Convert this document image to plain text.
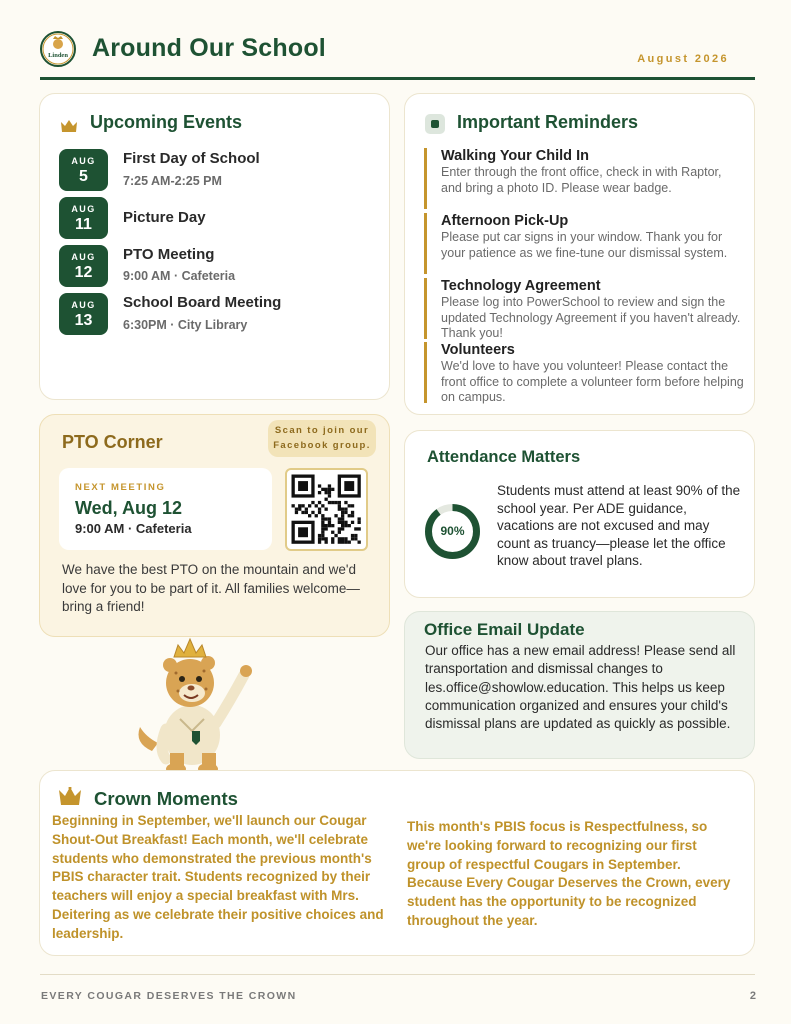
Linden Around Our School	August 2026
Upcoming Events
AUG
5
First Day of School
7:25 AM-2:25 PM
AUG
11	Picture Day
AUG
12
PTO Meeting
9:00 AM · Cafeteria
AUG
13
School Board Meeting
6:30PM · City Library
Important Reminders
Walking Your Child In
Enter through the front office, check in with Raptor, and bring a photo ID. Please wear badge.
Afternoon Pick-Up
Please put car signs in your window. Thank you for your patience as we fine-tune our dismissal system.
Technology Agreement
Please log into PowerSchool to review and sign the updated Technology Agreement if you haven't already. Thank you!
Volunteers
We'd love to have you volunteer! Please contact the front office to complete a volunteer form before helping on campus.
PTO Corner
Scan to join our
Facebook group.
NEXT MEETING
Wed, Aug 12
9:00 AM · Cafeteria
We have the best PTO on the mountain and we'd love for you to be part of it. All families welcome—bring a friend!
Attendance Matters
90%
Students must attend at least 90% of the school year. Per ADE guidance, vacations are not excused and may count as truancy—please let the office know about travel plans.
Office Email Update
Our office has a new email address! Please send all transportation and dismissal changes to les.office@showlow.education. This helps us keep communication organized and ensures your child's dismissal plans are updated as quickly as possible.
Crown Moments
Beginning in September, we'll launch our Cougar Shout-Out Breakfast! Each month, we'll celebrate students who demonstrated the previous month's PBIS character trait. Students recognized by their teachers will enjoy a special breakfast with Mrs. Deitering as we celebrate their positive choices and leadership.
This month's PBIS focus is Respectfulness, so we're looking forward to recognizing our first group of respectful Cougars in September. Because Every Cougar Deserves the Crown, every student has the opportunity to be recognized throughout the year.
EVERY COUGAR DESERVES THE CROWN	2
